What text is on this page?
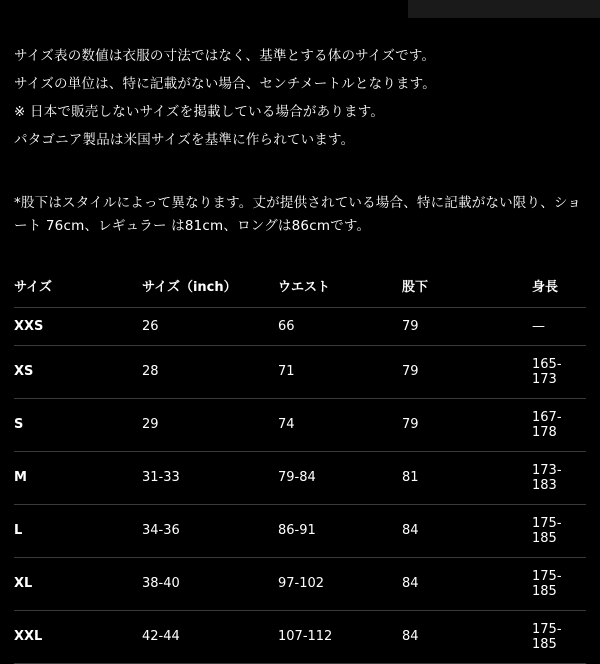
サイズ表の数値は衣服の寸法ではなく、基準とする体のサイズです。

サイズの単位は、特に記載がない場合、センチメートルとなります。

※ 日本で販売しないサイズを掲載している場合があります。

パタゴニア製品は米国サイズを基準に作られています。

*股下はスタイルによって異なります。丈が提供されている場合、特に記載がない限り、ショート 76cm、レギュラー は81cm、ロングは86cmです。

サイズ	サイズ（inch）	ウエスト	股下	身長
XXS	26	66	79	—
XS	28	71	79	165-173
S	29	74	79	167-178
M	31-33	79-84	81	173-183
L	34-36	86-91	84	175-185
XL	38-40	97-102	84	175-185
XXL	42-44	107-112	84	175-185
